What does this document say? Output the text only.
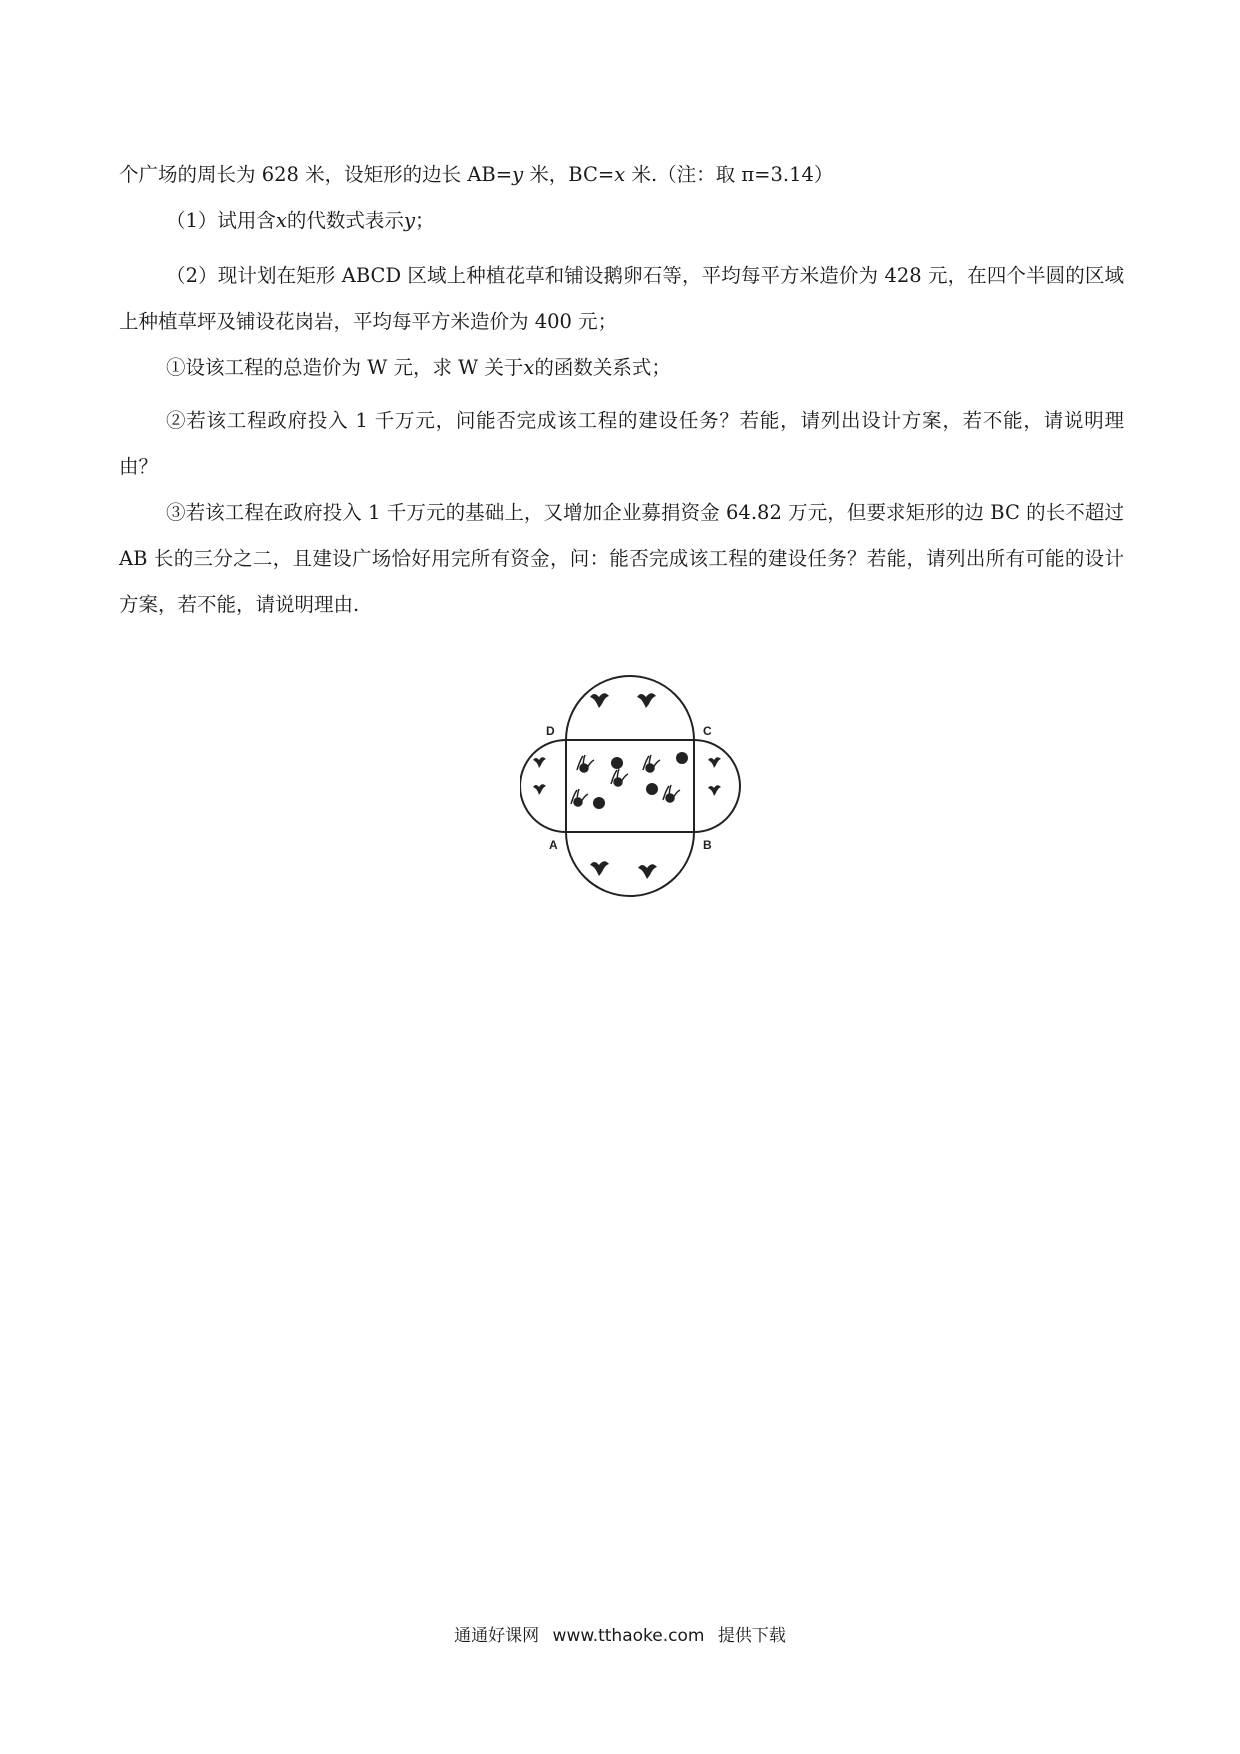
个广场的周长为 628 米，设矩形的边长 AB=y 米，BC=x 米.（注：取 π=3.14）

（1）试用含x的代数式表示y；

（2）现计划在矩形 ABCD 区域上种植花草和铺设鹅卵石等，平均每平方米造价为 428 元，在四个半圆的区域上种植草坪及铺设花岗岩，平均每平方米造价为 400 元；

①设该工程的总造价为 W 元，求 W 关于x的函数关系式；

②若该工程政府投入 1 千万元，问能否完成该工程的建设任务？若能，请列出设计方案，若不能，请说明理由？

③若该工程在政府投入 1 千万元的基础上，又增加企业募捐资金 64.82 万元，但要求矩形的边 BC 的长不超过 AB 长的三分之二，且建设广场恰好用完所有资金，问：能否完成该工程的建设任务？若能，请列出所有可能的设计方案，若不能，请说明理由.

D	C
A	B
通通好课网 www.tthaoke.com 提供下载
